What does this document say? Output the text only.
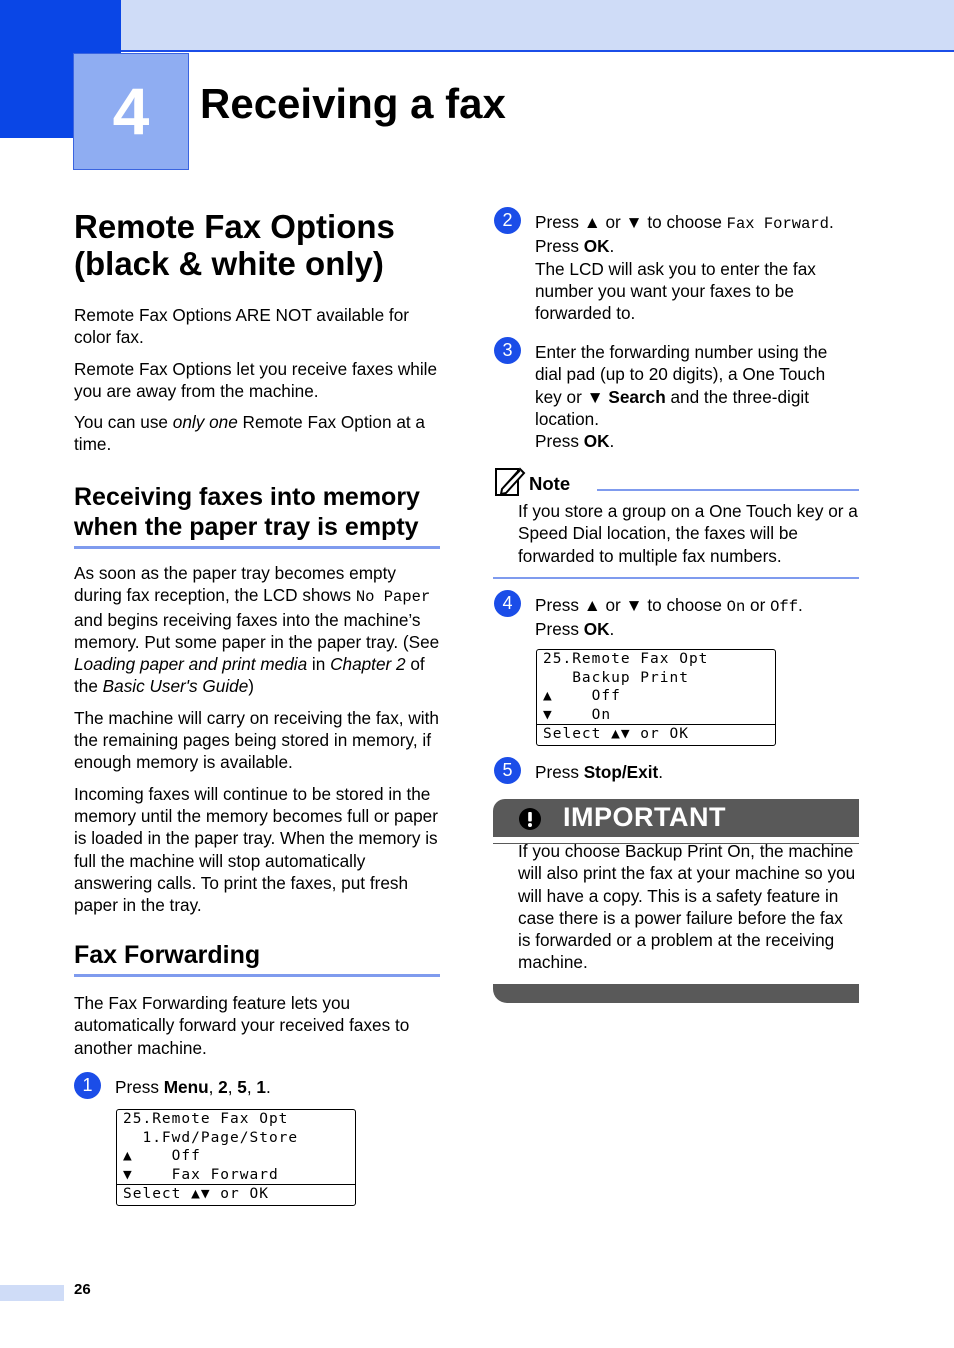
4	Receiving a fax
Remote Fax Options
(black & white only)

Remote Fax Options ARE NOT available for color fax.

Remote Fax Options let you receive faxes while you are away from the machine.

You can use only one Remote Fax Option at a time.

Receiving faxes into memory
when the paper tray is empty

As soon as the paper tray becomes empty during fax reception, the LCD shows No Paper and begins receiving faxes into the machine’s memory. Put some paper in the paper tray. (See Loading paper and print media in Chapter 2 of the Basic User's Guide)

The machine will carry on receiving the fax, with the remaining pages being stored in memory, if enough memory is available.

Incoming faxes will continue to be stored in the memory until the memory becomes full or paper is loaded in the paper tray. When the memory is full the machine will stop automatically answering calls. To print the faxes, put fresh paper in the tray.

Fax Forwarding
The Fax Forwarding feature lets you automatically forward your received faxes to another machine.
1	Press Menu, 2, 5, 1.
25.Remote Fax Opt
1.Fwd/Page/Store
▲    Off
▼    Fax Forward
Select ▲▼ or OK
2	Press ▲ or ▼ to choose Fax Forward.
Press OK.
The LCD will ask you to enter the fax number you want your faxes to be forwarded to.
3	Enter the forwarding number using the dial pad (up to 20 digits), a One Touch key or ▼ Search and the three-digit location.
Press OK.
Note
If you store a group on a One Touch key or a Speed Dial location, the faxes will be forwarded to multiple fax numbers.
4	Press ▲ or ▼ to choose On or Off.
Press OK.
25.Remote Fax Opt
Backup Print
▲    Off
▼    On
Select ▲▼ or OK
5	Press Stop/Exit.
IMPORTANT
If you choose Backup Print On, the machine will also print the fax at your machine so you will have a copy. This is a safety feature in case there is a power failure before the fax is forwarded or a problem at the receiving machine.
26
